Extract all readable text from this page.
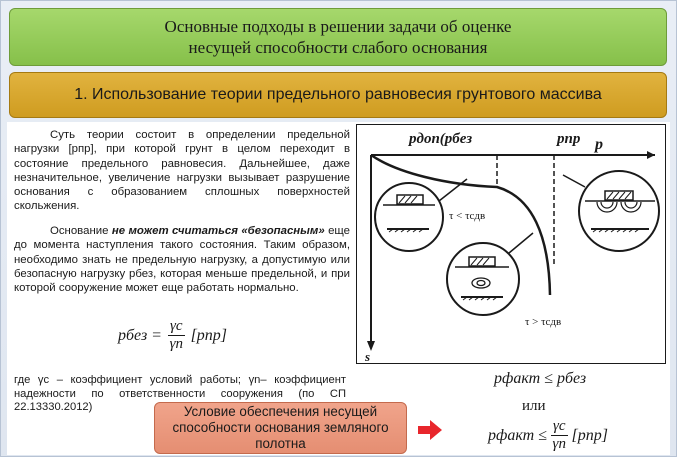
Основные подходы в решении задачи об оценке
несущей способности слабого основания
1. Использование теории предельного равновесия грунтового массива
Суть теории состоит в определении предельной нагрузки [pпр], при которой грунт в целом переходит в состояние предельного равновесия. Дальнейшее, даже незначительное, увеличение нагрузки вызывает разрушение основания с образованием сплошных поверхностей скольжения.
Основание не может считаться «безопасным» еще до момента наступления такого состояния. Таким образом, необходимо знать не предельную нагрузку, а допустимую или безопасную нагрузку pбез, которая меньше предельной, и при которой сооружение может еще работать нормально.
pбез = $\frac{\gamma c}{\gamma n} [pпр]$
где γc – коэффициент условий работы; γn– коэффициент надежности по ответственности сооружения (по СП 22.13330.2012)
pдоп(pбез	pпр p
s
τ < τсдв
τ > τсдв
Условие обеспечения несущей способности основания земляного полотна
pфакт ≤ pбез
или
pфакт ≤ $\frac{\gamma c}{\gamma n} [pпр]$
